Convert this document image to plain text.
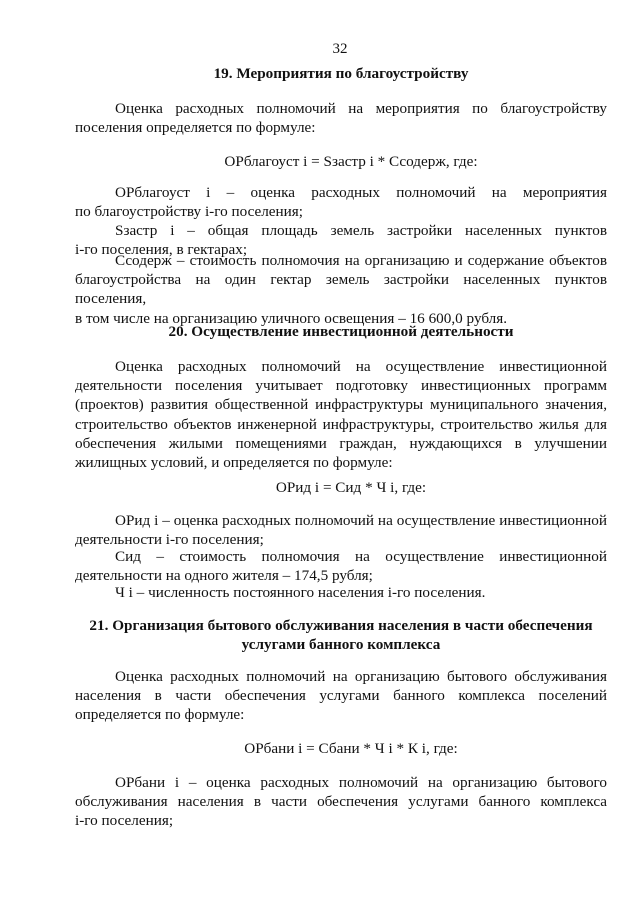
32
19. Мероприятия по благоустройству
Оценка расходных полномочий на мероприятия по благоустройству
поселения определяется по формуле:
ОРблагоуст i = Sзастр i * Ссодерж, где:
ОРблагоуст i – оценка расходных полномочий на мероприятия
по благоустройству i-го поселения;
Sзастр i – общая площадь земель застройки населенных пунктов
i-го поселения, в гектарах;
Ссодерж – стоимость полномочия на организацию и содержание объектов
благоустройства на один гектар земель застройки населенных пунктов поселения,
в том числе на организацию уличного освещения – 16 600,0 рубля.
20. Осуществление инвестиционной деятельности
Оценка расходных полномочий на осуществление инвестиционной
деятельности поселения учитывает подготовку инвестиционных программ
(проектов) развития общественной инфраструктуры муниципального значения,
строительство объектов инженерной инфраструктуры, строительство жилья для
обеспечения жилыми помещениями граждан, нуждающихся в улучшении
жилищных условий, и определяется по формуле:
ОРид i = Сид * Ч i, где:
ОРид i – оценка расходных полномочий на осуществление инвестиционной
деятельности i-го поселения;
Сид – стоимость полномочия на осуществление инвестиционной
деятельности на одного жителя – 174,5 рубля;
Ч i – численность постоянного населения i-го поселения.
21. Организация бытового обслуживания населения в части обеспечения
услугами банного комплекса
Оценка расходных полномочий на организацию бытового обслуживания
населения в части обеспечения услугами банного комплекса поселений
определяется по формуле:
ОРбани i = Сбани * Ч i * К i, где:
ОРбани i – оценка расходных полномочий на организацию бытового
обслуживания населения в части обеспечения услугами банного комплекса
i-го поселения;
